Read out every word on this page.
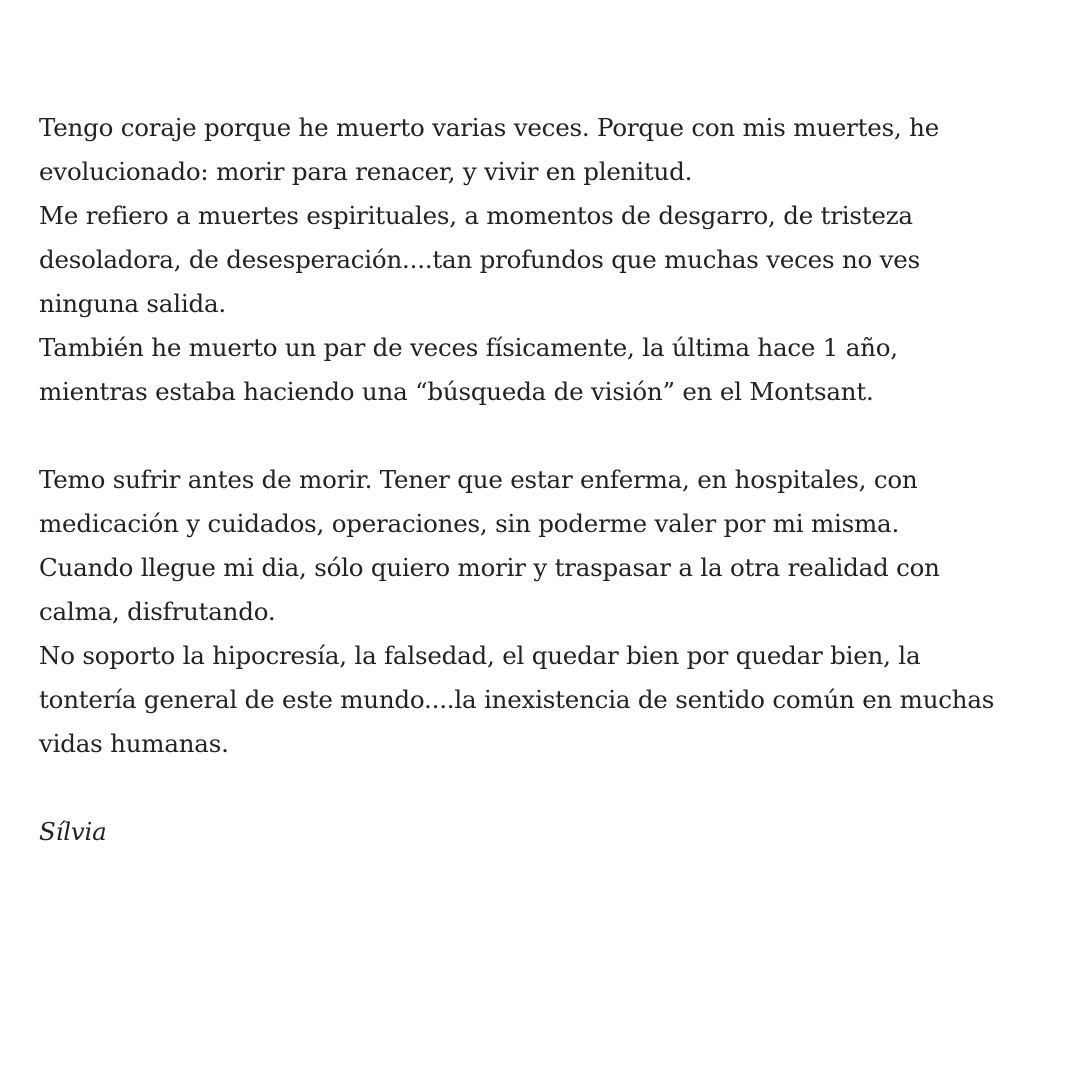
Tengo coraje porque he muerto varias veces. Porque con mis muertes, he
evolucionado: morir para renacer, y vivir en plenitud.
Me refiero a muertes espirituales, a momentos de desgarro, de tristeza
desoladora, de desesperación....tan profundos que muchas veces no ves
ninguna salida.
También he muerto un par de veces físicamente, la última hace 1 año,
mientras estaba haciendo una “búsqueda de visión” en el Montsant.
Temo sufrir antes de morir. Tener que estar enferma, en hospitales, con
medicación y cuidados, operaciones, sin poderme valer por mi misma.
Cuando llegue mi dia, sólo quiero morir y traspasar a la otra realidad con
calma, disfrutando.
No soporto la hipocresía, la falsedad, el quedar bien por quedar bien, la
tontería general de este mundo....la inexistencia de sentido común en muchas
vidas humanas.
Sílvia
